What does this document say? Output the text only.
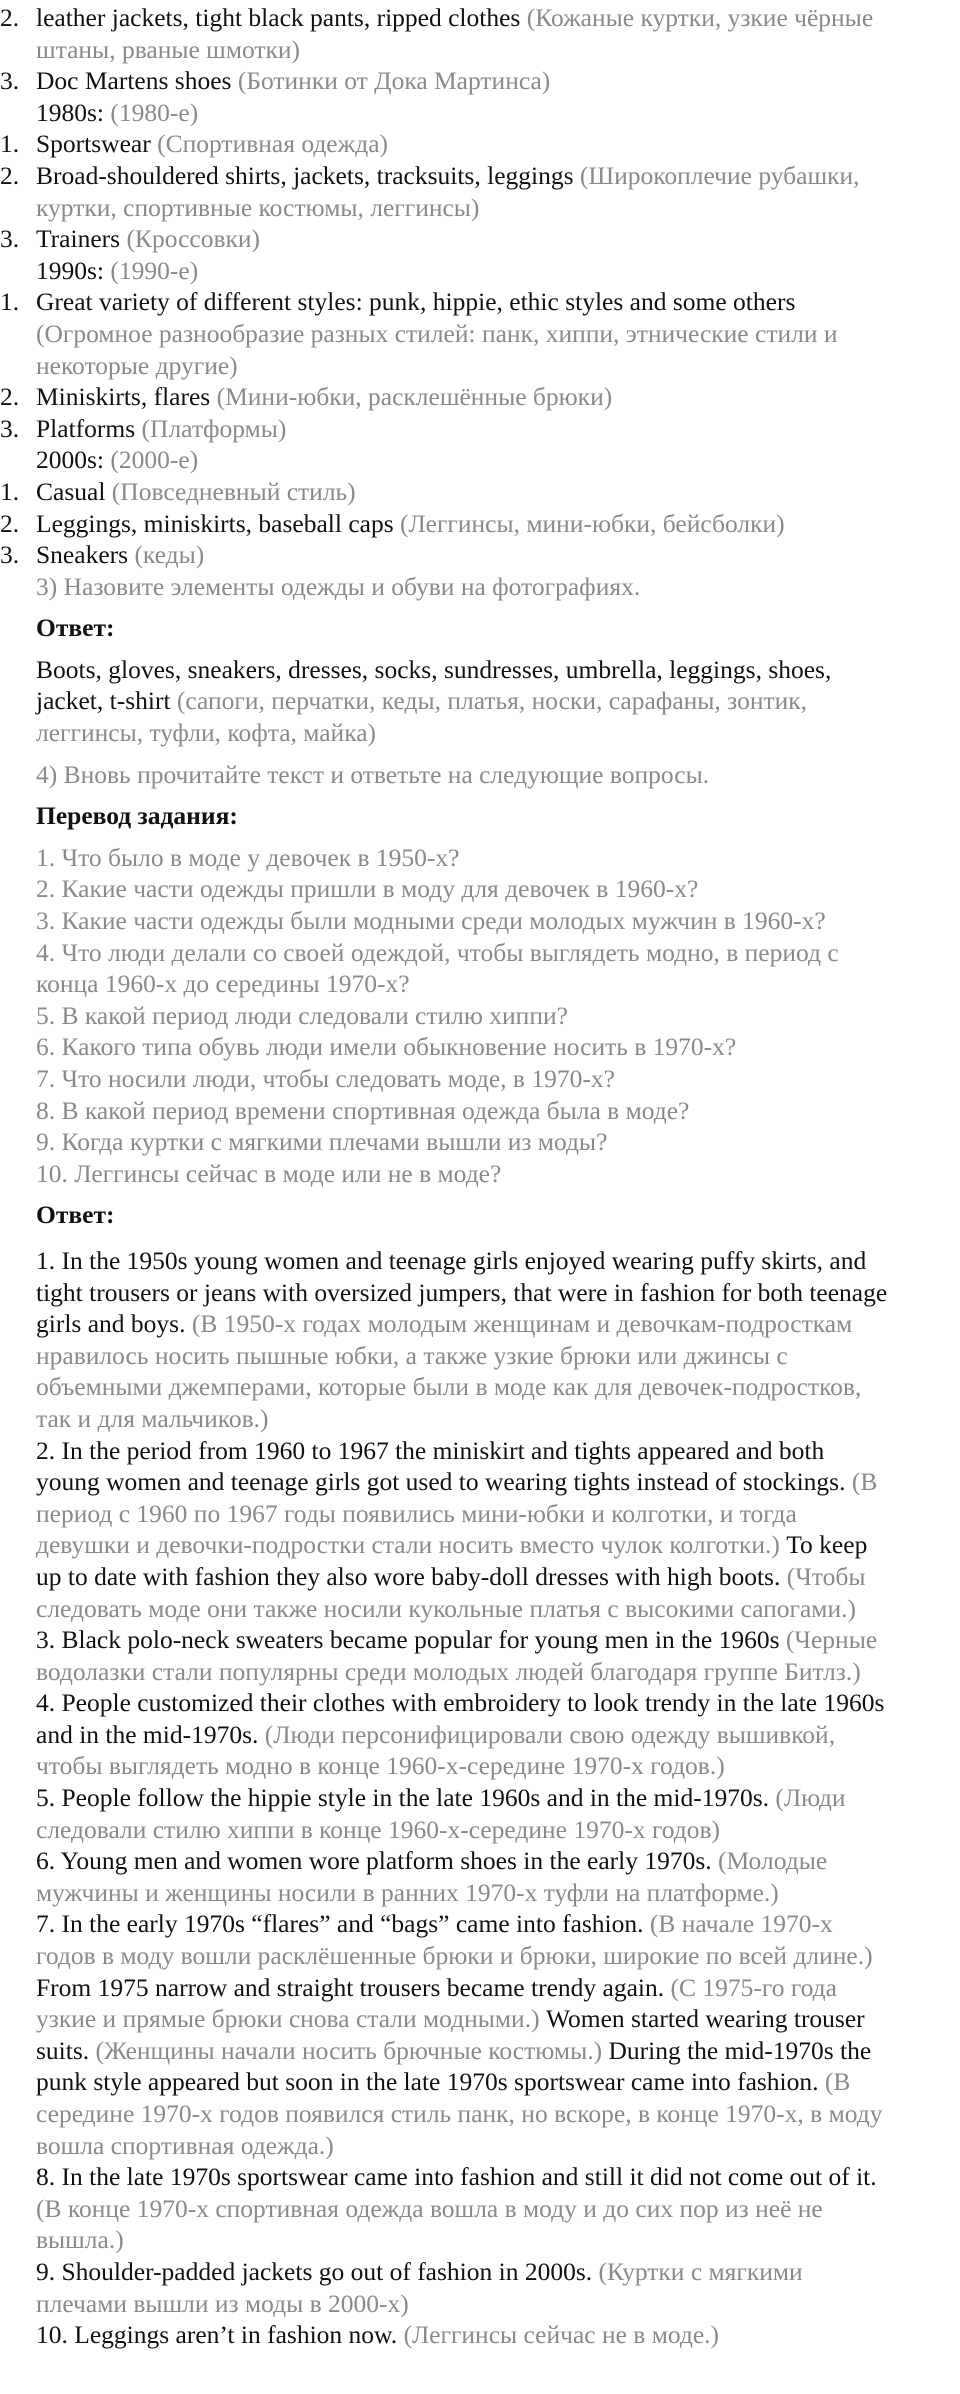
2. leather jackets, tight black pants, ripped clothes (Кожаные куртки, узкие чёрные
штаны, рваные шмотки)
3. Doc Martens shoes (Ботинки от Дока Мартинса)
1980s: (1980-е)
1. Sportswear (Спортивная одежда)
2. Broad-shouldered shirts, jackets, tracksuits, leggings (Широкоплечие рубашки,
куртки, спортивные костюмы, леггинсы)
3. Trainers (Кроссовки)
1990s: (1990-е)
1. Great variety of different styles: punk, hippie, ethic styles and some others
(Огромное разнообразие разных стилей: панк, хиппи, этнические стили и
некоторые другие)
2. Miniskirts, flares (Мини-юбки, расклешённые брюки)
3. Platforms (Платформы)
2000s: (2000-е)
1. Casual (Повседневный стиль)
2. Leggings, miniskirts, baseball caps (Леггинсы, мини-юбки, бейсболки)
3. Sneakers (кеды)
3) Назовите элементы одежды и обуви на фотографиях.
Ответ:
Boots, gloves, sneakers, dresses, socks, sundresses, umbrella, leggings, shoes,
jacket, t-shirt (сапоги, перчатки, кеды, платья, носки, сарафаны, зонтик,
леггинсы, туфли, кофта, майка)
4) Вновь прочитайте текст и ответьте на следующие вопросы.
Перевод задания:
1. Что было в моде у девочек в 1950-х?
2. Какие части одежды пришли в моду для девочек в 1960-х?
3. Какие части одежды были модными среди молодых мужчин в 1960-х?
4. Что люди делали со своей одеждой, чтобы выглядеть модно, в период с
конца 1960-х до середины 1970-х?
5. В какой период люди следовали стилю хиппи?
6. Какого типа обувь люди имели обыкновение носить в 1970-х?
7. Что носили люди, чтобы следовать моде, в 1970-х?
8. В какой период времени спортивная одежда была в моде?
9. Когда куртки с мягкими плечами вышли из моды?
10. Леггинсы сейчас в моде или не в моде?
Ответ:
1. In the 1950s young women and teenage girls enjoyed wearing puffy skirts, and
tight trousers or jeans with oversized jumpers, that were in fashion for both teenage
girls and boys. (В 1950-х годах молодым женщинам и девочкам-подросткам
нравилось носить пышные юбки, а также узкие брюки или джинсы с
объемными джемперами, которые были в моде как для девочек-подростков,
так и для мальчиков.)
2. In the period from 1960 to 1967 the miniskirt and tights appeared and both
young women and teenage girls got used to wearing tights instead of stockings. (В
период с 1960 по 1967 годы появились мини-юбки и колготки, и тогда
девушки и девочки-подростки стали носить вместо чулок колготки.) To keep
up to date with fashion they also wore baby-doll dresses with high boots. (Чтобы
следовать моде они также носили кукольные платья с высокими сапогами.)
3. Black polo-neck sweaters became popular for young men in the 1960s (Черные
водолазки стали популярны среди молодых людей благодаря группе Битлз.)
4. People customized their clothes with embroidery to look trendy in the late 1960s
and in the mid-1970s. (Люди персонифицировали свою одежду вышивкой,
чтобы выглядеть модно в конце 1960-х-середине 1970-х годов.)
5. People follow the hippie style in the late 1960s and in the mid-1970s. (Люди
следовали стилю хиппи в конце 1960-х-середине 1970-х годов)
6. Young men and women wore platform shoes in the early 1970s. (Молодые
мужчины и женщины носили в ранних 1970-х туфли на платформе.)
7. In the early 1970s “flares” and “bags” came into fashion. (В начале 1970-х
годов в моду вошли расклёшенные брюки и брюки, широкие по всей длине.)
From 1975 narrow and straight trousers became trendy again. (С 1975-го года
узкие и прямые брюки снова стали модными.) Women started wearing trouser
suits. (Женщины начали носить брючные костюмы.) During the mid-1970s the
punk style appeared but soon in the late 1970s sportswear came into fashion. (В
середине 1970-х годов появился стиль панк, но вскоре, в конце 1970-х, в моду
вошла спортивная одежда.)
8. In the late 1970s sportswear came into fashion and still it did not come out of it.
(В конце 1970-х спортивная одежда вошла в моду и до сих пор из неё не
вышла.)
9. Shoulder-padded jackets go out of fashion in 2000s. (Куртки с мягкими
плечами вышли из моды в 2000-х)
10. Leggings aren’t in fashion now. (Леггинсы сейчас не в моде.)
